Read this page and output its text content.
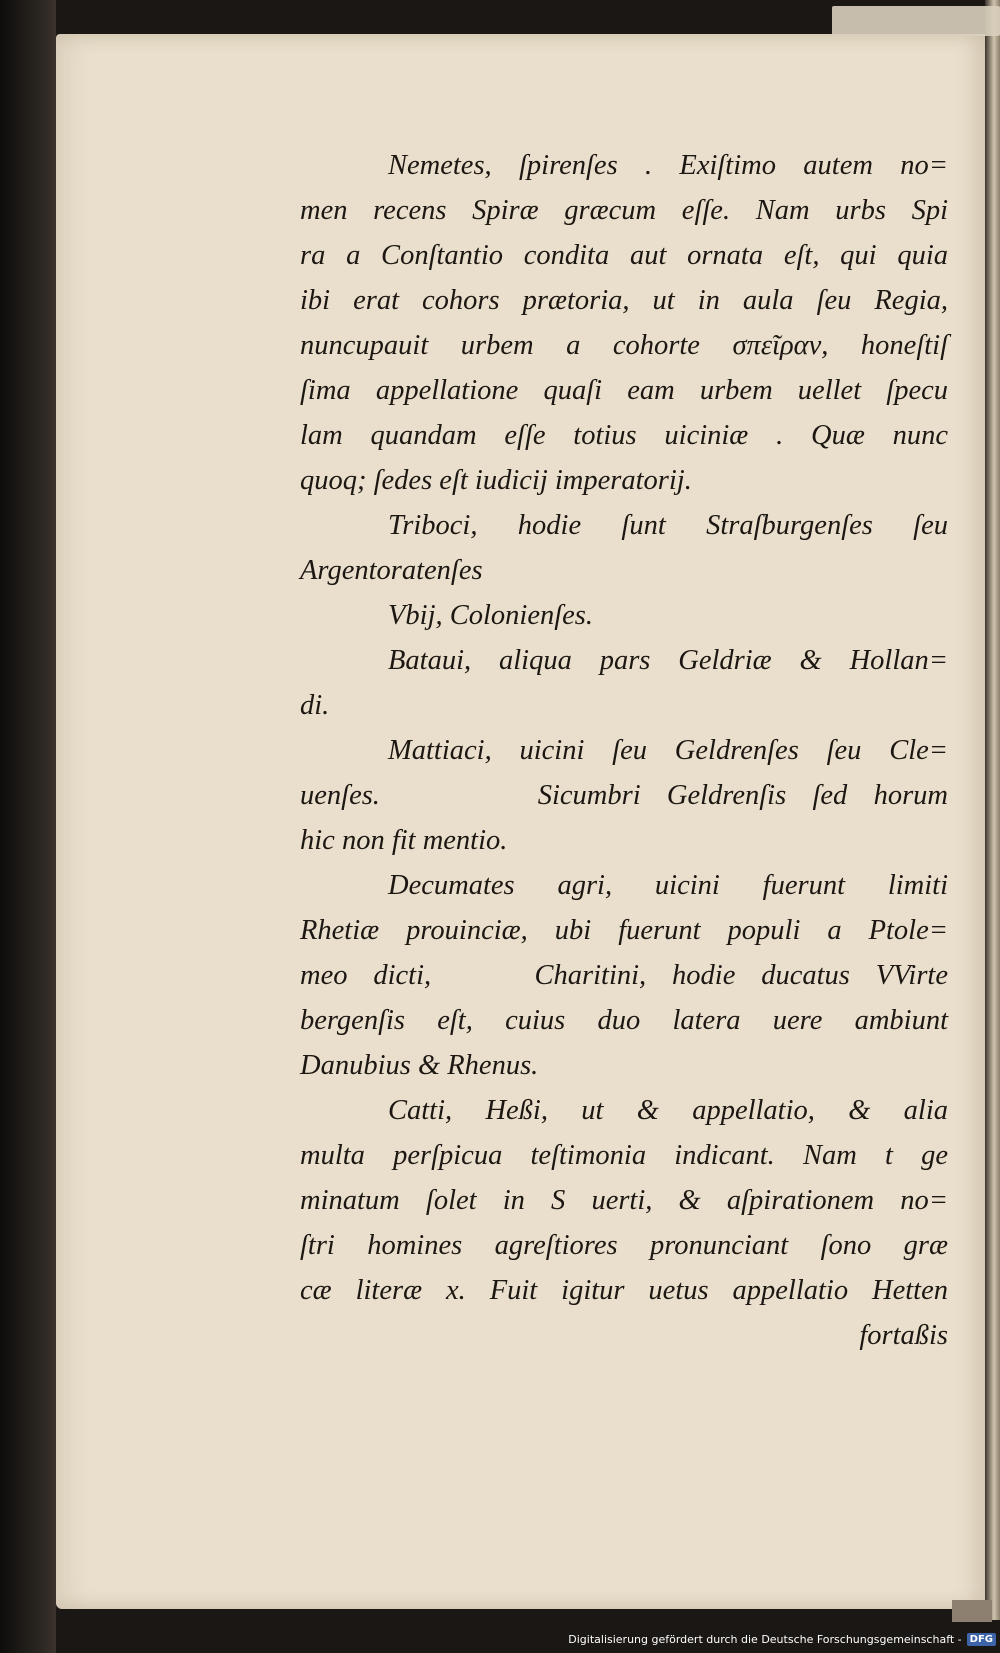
Nemetes, ſpirenſes . Exiſtimo autem no=
men recens Spiræ græcum eſſe. Nam urbs Spi
ra a Conſtantio condita aut ornata eſt, qui quia
ibi erat cohors prætoria, ut in aula ſeu Regia,
nuncupauit urbem a cohorte σπεῖραν, honeſtiſ
ſima appellatione quaſi eam urbem uellet ſpecu
lam quandam eſſe totius uiciniæ . Quæ nunc
quoq; ſedes eſt iudicij imperatorij.
Triboci, hodie ſunt Straſburgenſes ſeu
Argentoratenſes
Vbij, Colonienſes.
Bataui, aliqua pars Geldriæ & Hollan=
di.
Mattiaci, uicini ſeu Geldrenſes ſeu Cle=
uenſes.      Sicumbri Geldrenſis ſed horum
hic non fit mentio.
Decumates agri, uicini fuerunt limiti
Rhetiæ prouinciæ, ubi fuerunt populi a Ptole=
meo dicti,    Charitini, hodie ducatus VVirte
bergenſis eſt, cuius duo latera uere ambiunt
Danubius & Rhenus.
Catti, Heßi, ut & appellatio, & alia
multa perſpicua teſtimonia indicant. Nam t ge
minatum ſolet in S uerti, & aſpirationem no=
ſtri homines agreſtiores pronunciant ſono græ
cæ literæ x. Fuit igitur uetus appellatio Hetten
fortaßis
Digitalisierung gefördert durch die Deutsche Forschungsgemeinschaft - DFG
